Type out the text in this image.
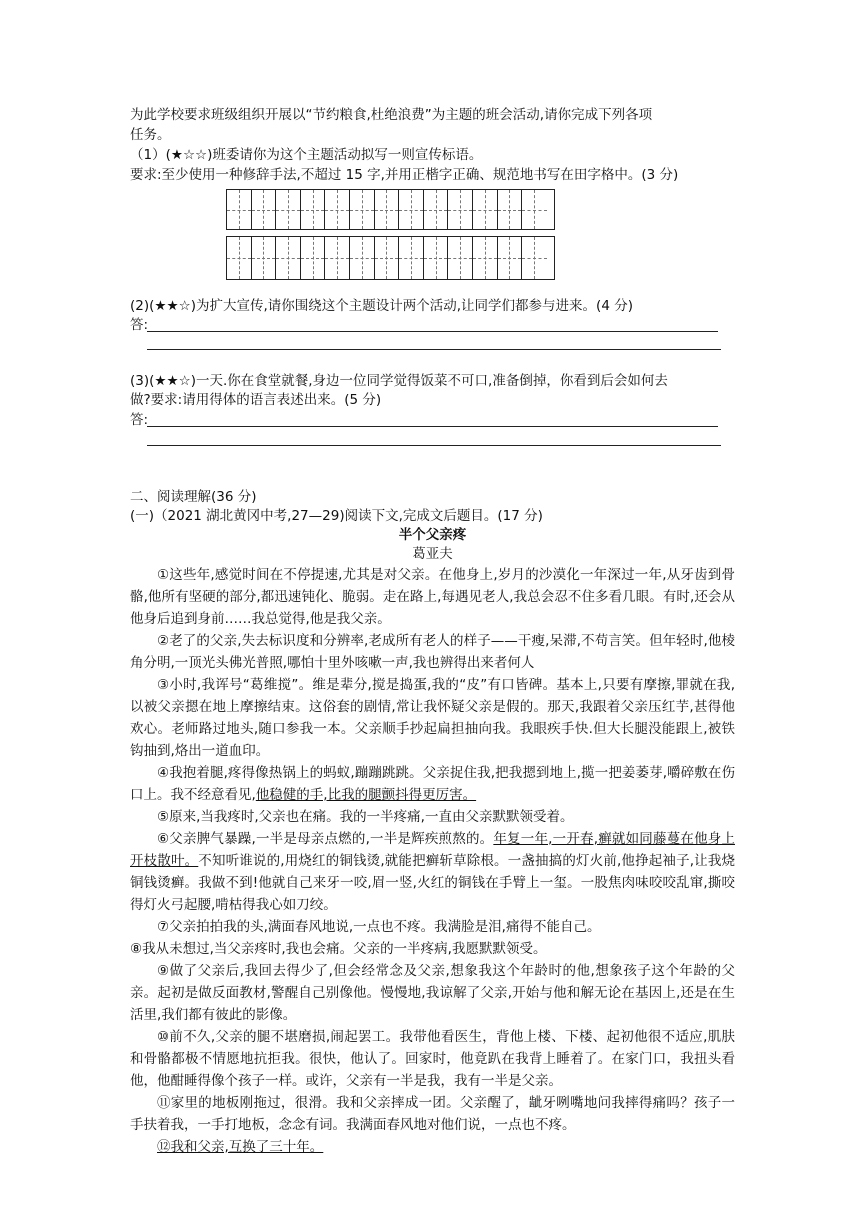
为此学校要求班级组织开展以“节约粮食,杜绝浪费”为主题的班会活动,请你完成下列各项
任务。
（1）(★☆☆)班委请你为这个主题活动拟写一则宣传标语。
要求:至少使用一种修辞手法,不超过 15 字,并用正楷字正确、规范地书写在田字格中。(3 分)
(2)(★★☆)为扩大宣传,请你围绕这个主题设计两个活动,让同学们都参与进来。(4 分)
答:
(3)(★★☆)一天.你在食堂就餐,身边一位同学觉得饭菜不可口,准备倒掉，你看到后会如何去
做?要求:请用得体的语言表述出来。(5 分)
答:
二、阅读理解(36 分)
(一)（2021 湖北黄冈中考,27—29)阅读下文,完成文后题目。(17 分)
半个父亲疼
葛亚夫
①这些年,感觉时间在不停提速,尤其是对父亲。在他身上,岁月的沙漠化一年深过一年,从牙齿到骨骼,他所有坚硬的部分,都迅速钝化、脆弱。走在路上,每遇见老人,我总会忍不住多看几眼。有时,还会从他身后追到身前……我总觉得,他是我父亲。
②老了的父亲,失去标识度和分辨率,老成所有老人的样子——干瘦,呆滞,不苟言笑。但年轻时,他棱角分明,一顶光头佛光普照,哪怕十里外咳嗽一声,我也辨得出来者何人
③小时,我诨号“葛维搅”。维是辈分,搅是捣蛋,我的“皮”有口皆碑。基本上,只要有摩擦,罪就在我,以被父亲摁在地上摩擦结束。这俗套的剧情,常让我怀疑父亲是假的。那天,我跟着父亲压红芋,甚得他欢心。老师路过地头,随口参我一本。父亲顺手抄起扁担抽向我。我眼疾手快.但大长腿没能跟上,被铁钩抽到,烙出一道血印。
④我抱着腿,疼得像热锅上的蚂蚁,蹦蹦跳跳。父亲捉住我,把我摁到地上,揽一把姜萎芽,嚼碎敷在伤口上。我不经意看见,他稳健的手,比我的腿颤抖得更厉害。
⑤原来,当我疼时,父亲也在痛。我的一半疼痛,一直由父亲默默领受着。
⑥父亲脾气暴躁,一半是母亲点燃的,一半是辉疾煎熬的。年复一年,一开春,癣就如同藤蔓在他身上开枝散叶。不知听谁说的,用烧红的铜钱烫,就能把癣斩草除根。一盏抽搞的灯火前,他挣起袖子,让我烧铜钱烫癣。我做不到!他就自己来牙一咬,眉一竖,火红的铜钱在手臂上一玺。一股焦肉味咬咬乱窜,撕咬得灯火弓起腰,啃枯得我心如刀绞。
⑦父亲拍拍我的头,满面春风地说,一点也不疼。我满脸是泪,痛得不能自己。
⑧我从未想过,当父亲疼时,我也会痛。父亲的一半疼病,我愿默默领受。
⑨做了父亲后,我回去得少了,但会经常念及父亲,想象我这个年龄时的他,想象孩子这个年龄的父亲。起初是做反面教材,警醒自己别像他。慢慢地,我谅解了父亲,开始与他和解无论在基因上,还是在生活里,我们都有彼此的影像。
⑩前不久,父亲的腿不堪磨损,闹起罢工。我带他看医生，背他上楼、下楼、起初他很不适应,肌肤和骨骼都极不情愿地抗拒我。很快，他认了。回家时，他竟趴在我背上睡着了。在家门口，我扭头看他，他酣睡得像个孩子一样。或许，父亲有一半是我，我有一半是父亲。
⑪家里的地板刚拖过，很滑。我和父亲摔成一团。父亲醒了，龇牙咧嘴地问我摔得痛吗？孩子一手扶着我，一手打地板，念念有词。我满面春风地对他们说，一点也不疼。
⑫我和父亲,互换了三十年。
